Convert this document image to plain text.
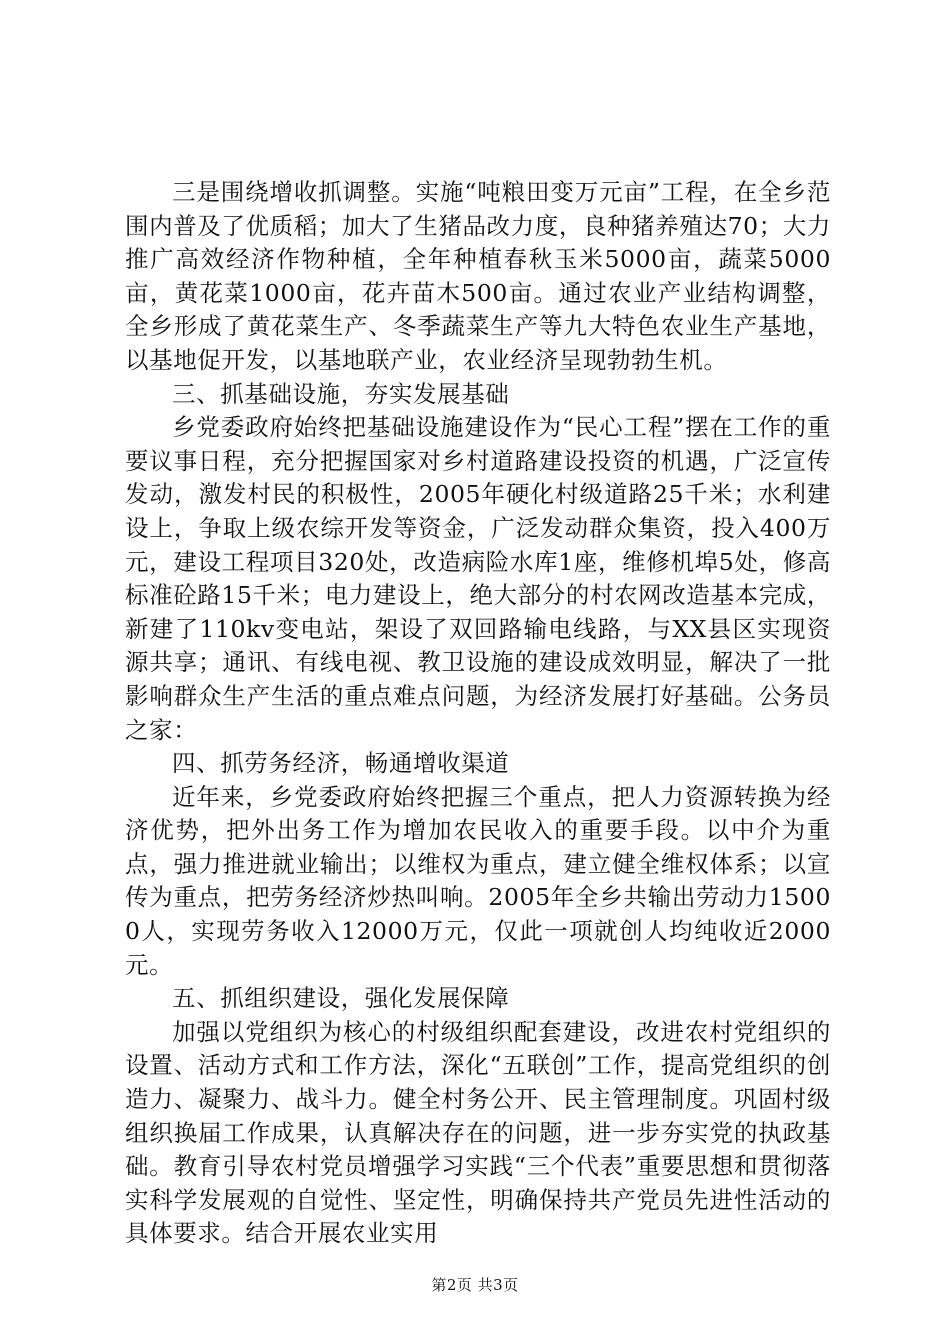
三是围绕增收抓调整。实施“吨粮田变万元亩”工程，在全乡范围内普及了优质稻；加大了生猪品改力度，良种猪养殖达70；大力推广高效经济作物种植，全年种植春秋玉米5000亩，蔬菜5000亩，黄花菜1000亩，花卉苗木500亩。通过农业产业结构调整，全乡形成了黄花菜生产、冬季蔬菜生产等九大特色农业生产基地，以基地促开发，以基地联产业，农业经济呈现勃勃生机。

三、抓基础设施，夯实发展基础

乡党委政府始终把基础设施建设作为“民心工程”摆在工作的重要议事日程，充分把握国家对乡村道路建设投资的机遇，广泛宣传发动，激发村民的积极性，2005年硬化村级道路25千米；水利建设上，争取上级农综开发等资金，广泛发动群众集资，投入400万元，建设工程项目320处，改造病险水库1座，维修机埠5处，修高标准砼路15千米；电力建设上，绝大部分的村农网改造基本完成，新建了110kv变电站，架设了双回路输电线路，与XX县区实现资源共享；通讯、有线电视、教卫设施的建设成效明显，解决了一批影响群众生产生活的重点难点问题，为经济发展打好基础。公务员之家：

四、抓劳务经济，畅通增收渠道

近年来，乡党委政府始终把握三个重点，把人力资源转换为经济优势，把外出务工作为增加农民收入的重要手段。以中介为重点，强力推进就业输出；以维权为重点，建立健全维权体系；以宣传为重点，把劳务经济炒热叫响。2005年全乡共输出劳动力15000人，实现劳务收入12000万元，仅此一项就创人均纯收近2000元。

五、抓组织建设，强化发展保障

加强以党组织为核心的村级组织配套建设，改进农村党组织的设置、活动方式和工作方法，深化“五联创”工作，提高党组织的创造力、凝聚力、战斗力。健全村务公开、民主管理制度。巩固村级组织换届工作成果，认真解决存在的问题，进一步夯实党的执政基础。教育引导农村党员增强学习实践“三个代表”重要思想和贯彻落实科学发展观的自觉性、坚定性，明确保持共产党员先进性活动的具体要求。结合开展农业实用

第2页 共3页
